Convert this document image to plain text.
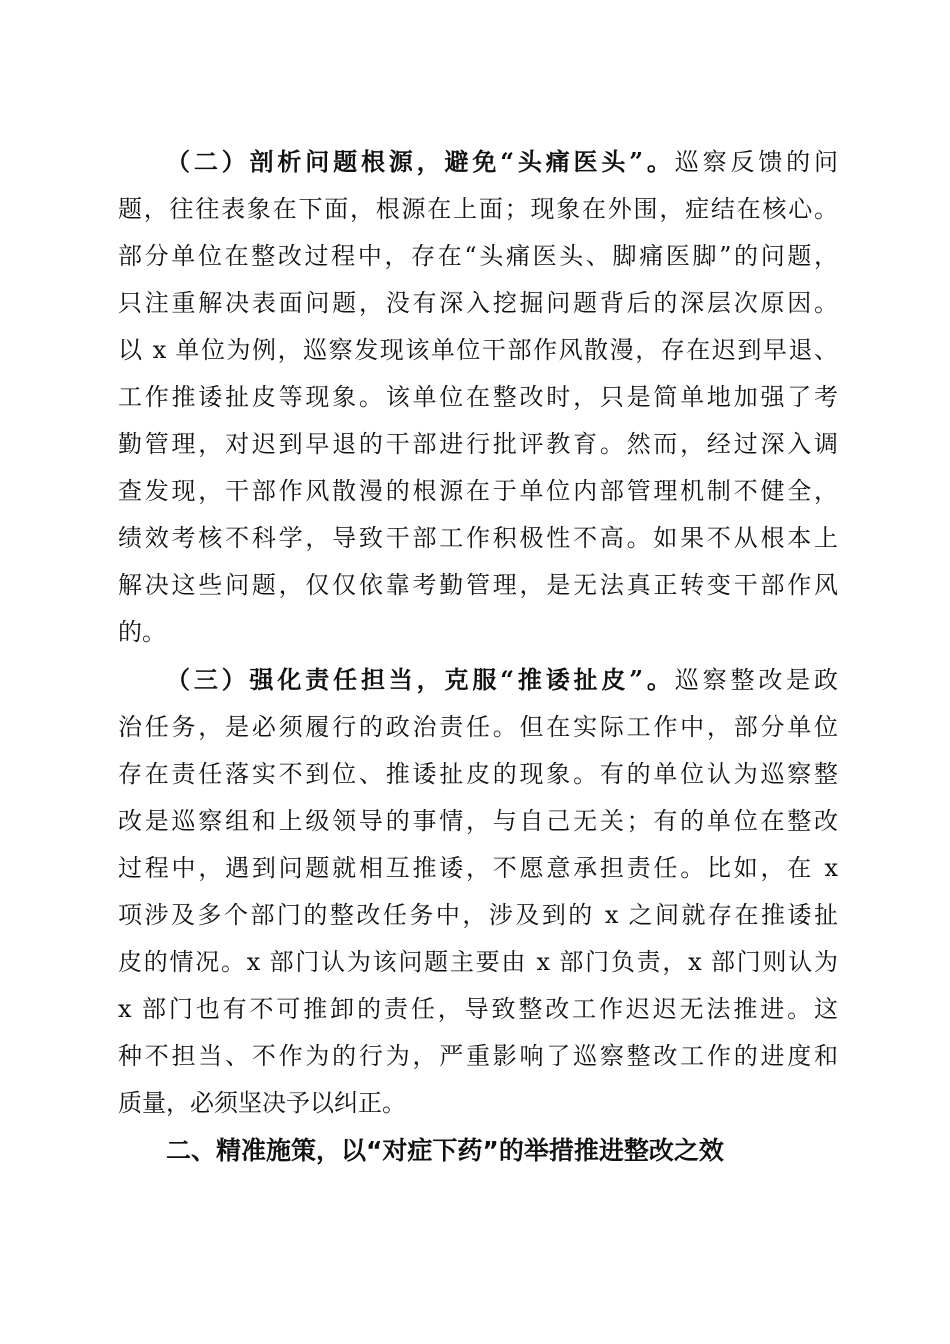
（二）剖析问题根源，避免“头痛医头”。巡察反馈的问
题，往往表象在下面，根源在上面；现象在外围，症结在核心。
部分单位在整改过程中，存在“头痛医头、脚痛医脚”的问题，
只注重解决表面问题，没有深入挖掘问题背后的深层次原因。
以 x 单位为例，巡察发现该单位干部作风散漫，存在迟到早退、
工作推诿扯皮等现象。该单位在整改时，只是简单地加强了考
勤管理，对迟到早退的干部进行批评教育。然而，经过深入调
查发现，干部作风散漫的根源在于单位内部管理机制不健全，
绩效考核不科学，导致干部工作积极性不高。如果不从根本上
解决这些问题，仅仅依靠考勤管理，是无法真正转变干部作风
的。
（三）强化责任担当，克服“推诿扯皮”。巡察整改是政
治任务，是必须履行的政治责任。但在实际工作中，部分单位
存在责任落实不到位、推诿扯皮的现象。有的单位认为巡察整
改是巡察组和上级领导的事情，与自己无关；有的单位在整改
过程中，遇到问题就相互推诿，不愿意承担责任。比如，在 x
项涉及多个部门的整改任务中，涉及到的 x 之间就存在推诿扯
皮的情况。x 部门认为该问题主要由 x 部门负责，x 部门则认为
x 部门也有不可推卸的责任，导致整改工作迟迟无法推进。这
种不担当、不作为的行为，严重影响了巡察整改工作的进度和
质量，必须坚决予以纠正。
二、精准施策，以“对症下药”的举措推进整改之效
